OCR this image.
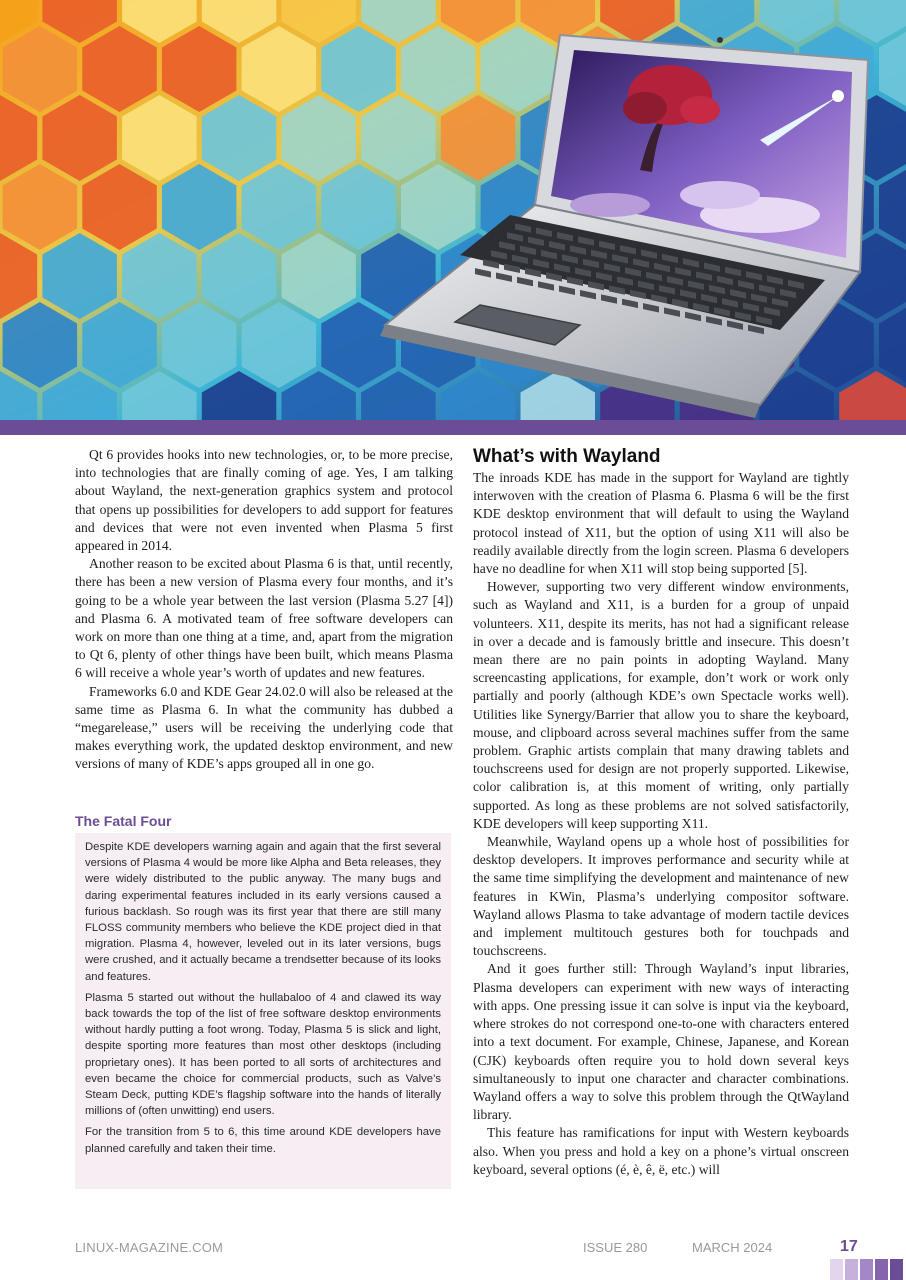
Qt 6 provides hooks into new technologies, or, to be more precise, into technologies that are finally coming of age. Yes, I am talking about Wayland, the next-generation graphics system and protocol that opens up possibilities for developers to add support for features and devices that were not even invented when Plasma 5 first appeared in 2014.

Another reason to be excited about Plasma 6 is that, until recently, there has been a new version of Plasma every four months, and it’s going to be a whole year between the last version (Plasma 5.27 [4]) and Plasma 6. A motivated team of free software developers can work on more than one thing at a time, and, apart from the migration to Qt 6, plenty of other things have been built, which means Plasma 6 will receive a whole year’s worth of updates and new features.

Frameworks 6.0 and KDE Gear 24.02.0 will also be released at the same time as Plasma 6. In what the community has dubbed a “megarelease,” users will be receiving the underlying code that makes everything work, the updated desktop environment, and new versions of many of KDE’s apps grouped all in one go.

The Fatal Four

Despite KDE developers warning again and again that the first several versions of Plasma 4 would be more like Alpha and Beta releases, they were widely distributed to the public anyway. The many bugs and daring experimental features included in its early versions caused a furious backlash. So rough was its first year that there are still many FLOSS community members who believe the KDE project died in that migration. Plasma 4, however, leveled out in its later versions, bugs were crushed, and it actually became a trendsetter because of its looks and features.

Plasma 5 started out without the hullabaloo of 4 and clawed its way back towards the top of the list of free software desktop environments without hardly putting a foot wrong. Today, Plasma 5 is slick and light, despite sporting more features than most other desktops (including proprietary ones). It has been ported to all sorts of architectures and even became the choice for commercial products, such as Valve’s Steam Deck, putting KDE’s flagship software into the hands of literally millions of (often unwitting) end users.

For the transition from 5 to 6, this time around KDE developers have planned carefully and taken their time.

What’s with Wayland

The inroads KDE has made in the support for Wayland are tightly interwoven with the creation of Plasma 6. Plasma 6 will be the first KDE desktop environment that will default to using the Wayland protocol instead of X11, but the option of using X11 will also be readily available directly from the login screen. Plasma 6 developers have no deadline for when X11 will stop being supported [5].

However, supporting two very different window environments, such as Wayland and X11, is a burden for a group of unpaid volunteers. X11, despite its merits, has not had a significant release in over a decade and is famously brittle and insecure. This doesn’t mean there are no pain points in adopting Wayland. Many screencasting applications, for example, don’t work or work only partially and poorly (although KDE’s own Spectacle works well). Utilities like Synergy/Barrier that allow you to share the keyboard, mouse, and clipboard across several machines suffer from the same problem. Graphic artists complain that many drawing tablets and touchscreens used for design are not properly supported. Likewise, color calibration is, at this moment of writing, only partially supported. As long as these problems are not solved satisfactorily, KDE developers will keep supporting X11.

Meanwhile, Wayland opens up a whole host of possibilities for desktop developers. It improves performance and security while at the same time simplifying the development and maintenance of new features in KWin, Plasma’s underlying compositor software. Wayland allows Plasma to take advantage of modern tactile devices and implement multitouch gestures both for touchpads and touchscreens.

And it goes further still: Through Wayland’s input libraries, Plasma developers can experiment with new ways of interacting with apps. One pressing issue it can solve is input via the keyboard, where strokes do not correspond one-to-one with characters entered into a text document. For example, Chinese, Japanese, and Korean (CJK) keyboards often require you to hold down several keys simultaneously to input one character and character combinations. Wayland offers a way to solve this problem through the QtWayland library.

This feature has ramifications for input with Western keyboards also. When you press and hold a key on a phone’s virtual onscreen keyboard, several options (é, è, ê, ë, etc.) will

LINUX-MAGAZINE.COM	ISSUE 280	MARCH 2024	17
